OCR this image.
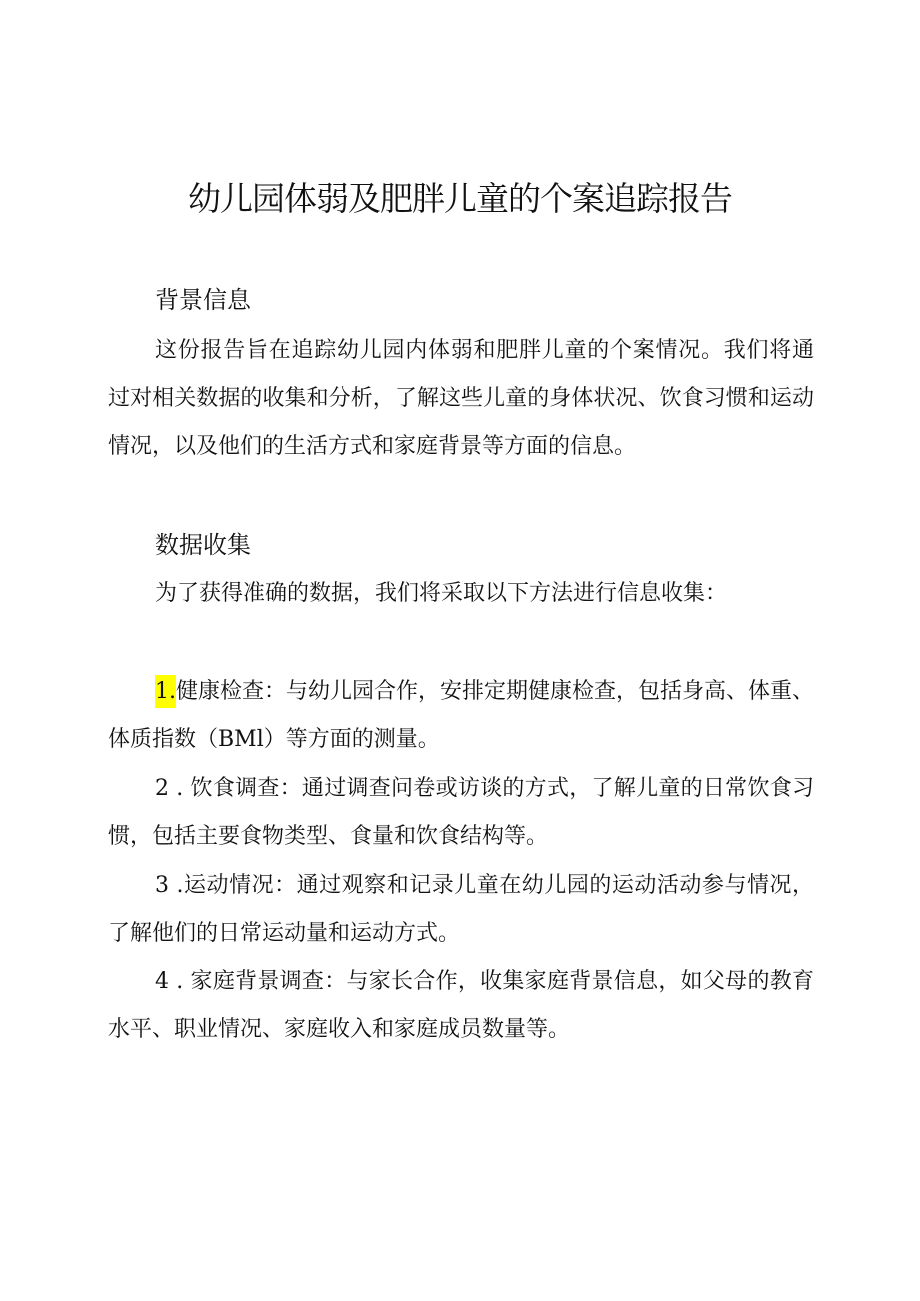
幼儿园体弱及肥胖儿童的个案追踪报告
背景信息

这份报告旨在追踪幼儿园内体弱和肥胖儿童的个案情况。我们将通过对相关数据的收集和分析，了解这些儿童的身体状况、饮食习惯和运动情况，以及他们的生活方式和家庭背景等方面的信息。

数据收集

为了获得准确的数据，我们将采取以下方法进行信息收集：

1.健康检查：与幼儿园合作，安排定期健康检查，包括身高、体重、体质指数（BMl）等方面的测量。

2 . 饮食调查：通过调查问卷或访谈的方式，了解儿童的日常饮食习惯，包括主要食物类型、食量和饮食结构等。

3 .运动情况：通过观察和记录儿童在幼儿园的运动活动参与情况，了解他们的日常运动量和运动方式。

4 . 家庭背景调查：与家长合作，收集家庭背景信息，如父母的教育水平、职业情况、家庭收入和家庭成员数量等。
